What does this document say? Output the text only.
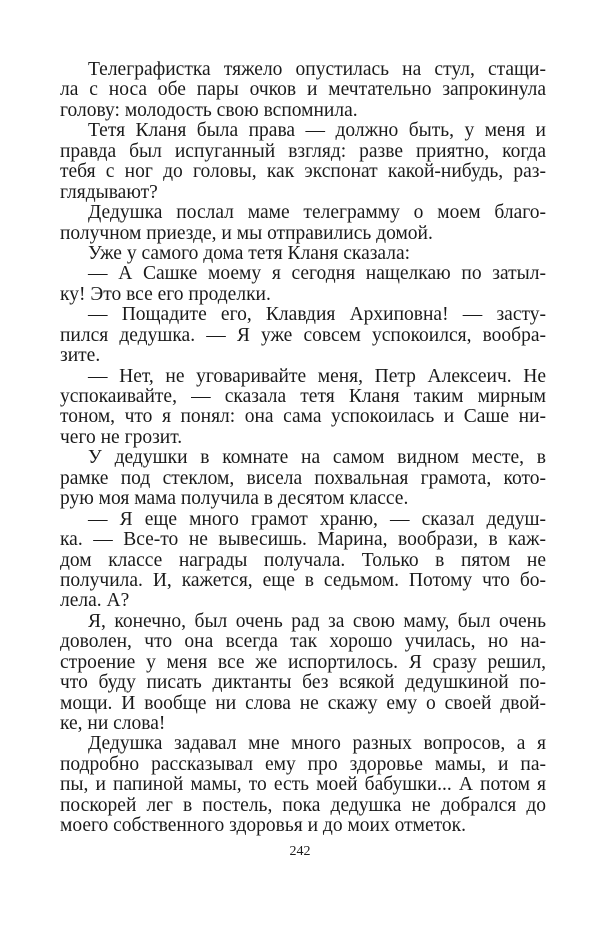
Телеграфистка тяжело опустилась на стул, стащи-
ла с носа обе пары очков и мечтательно запрокинула
голову: молодость свою вспомнила.
Тетя Кланя была права — должно быть, у меня и
правда был испуганный взгляд: разве приятно, когда
тебя с ног до головы, как экспонат какой-нибудь, раз-
глядывают?
Дедушка послал маме телеграмму о моем благо-
получном приезде, и мы отправились домой.
Уже у самого дома тетя Кланя сказала:
— А Сашке моему я сегодня нащелкаю по затыл-
ку! Это все его проделки.
— Пощадите его, Клавдия Архиповна! — засту-
пился дедушка. — Я уже совсем успокоился, вообра-
зите.
— Нет, не уговаривайте меня, Петр Алексеич. Не
успокаивайте, — сказала тетя Кланя таким мирным
тоном, что я понял: она сама успокоилась и Саше ни-
чего не грозит.
У дедушки в комнате на самом видном месте, в
рамке под стеклом, висела похвальная грамота, кото-
рую моя мама получила в десятом классе.
— Я еще много грамот храню, — сказал дедуш-
ка. — Все-то не вывесишь. Марина, вообрази, в каж-
дом классе награды получала. Только в пятом не
получила. И, кажется, еще в седьмом. Потому что бо-
лела. А?
Я, конечно, был очень рад за свою маму, был очень
доволен, что она всегда так хорошо училась, но на-
строение у меня все же испортилось. Я сразу решил,
что буду писать диктанты без всякой дедушкиной по-
мощи. И вообще ни слова не скажу ему о своей двой-
ке, ни слова!
Дедушка задавал мне много разных вопросов, а я
подробно рассказывал ему про здоровье мамы, и па-
пы, и папиной мамы, то есть моей бабушки... А потом я
поскорей лег в постель, пока дедушка не добрался до
моего собственного здоровья и до моих отметок.
242
